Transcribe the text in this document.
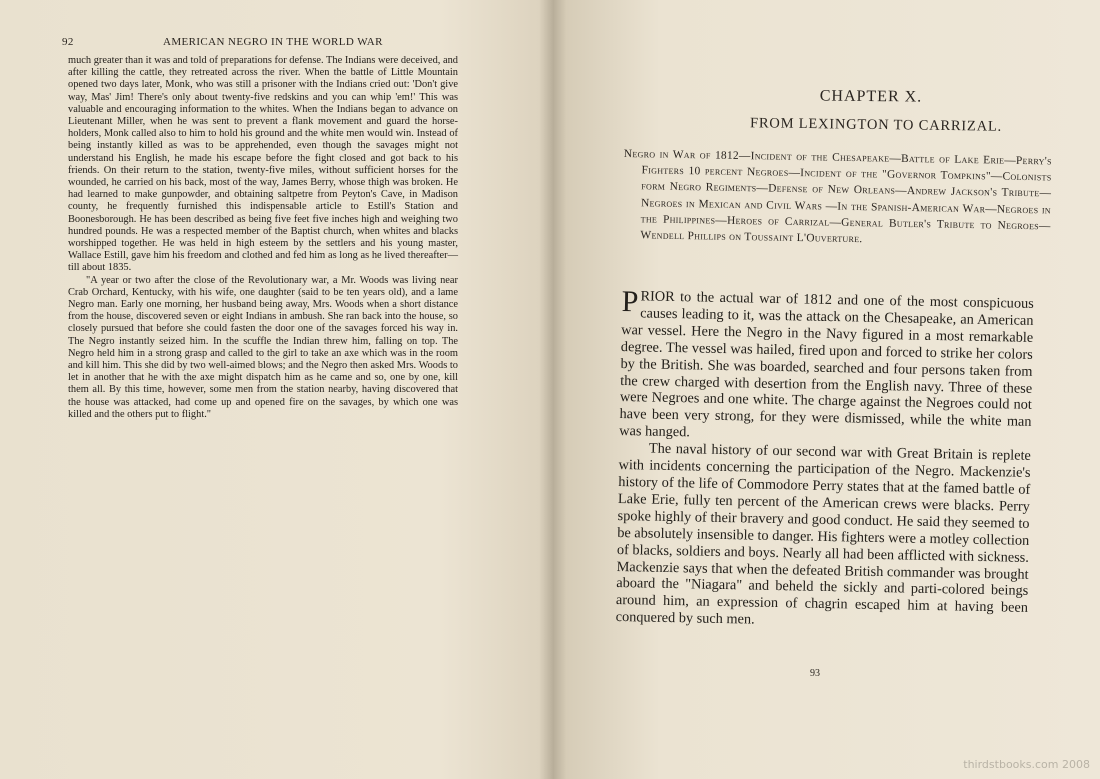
92	AMERICAN NEGRO IN THE WORLD WAR

much greater than it was and told of preparations for defense. The Indians were deceived, and after killing the cattle, they retreated across the river. When the battle of Little Mountain opened two days later, Monk, who was still a prisoner with the Indians cried out: 'Don't give way, Mas' Jim! There's only about twenty-five redskins and you can whip 'em!' This was valuable and encouraging information to the whites. When the Indians began to advance on Lieutenant Miller, when he was sent to prevent a flank movement and guard the horse-holders, Monk called also to him to hold his ground and the white men would win. Instead of being instantly killed as was to be apprehended, even though the savages might not understand his English, he made his escape before the fight closed and got back to his friends. On their return to the station, twenty-five miles, without sufficient horses for the wounded, he carried on his back, most of the way, James Berry, whose thigh was broken. He had learned to make gunpowder, and obtaining saltpetre from Peyton's Cave, in Madison county, he frequently furnished this indispensable article to Estill's Station and Boonesborough. He has been described as being five feet five inches high and weighing two hundred pounds. He was a respected member of the Baptist church, when whites and blacks worshipped together. He was held in high esteem by the settlers and his young master, Wallace Estill, gave him his freedom and clothed and fed him as long as he lived thereafter—till about 1835.

"A year or two after the close of the Revolutionary war, a Mr. Woods was living near Crab Orchard, Kentucky, with his wife, one daughter (said to be ten years old), and a lame Negro man. Early one morning, her husband being away, Mrs. Woods when a short distance from the house, discovered seven or eight Indians in ambush. She ran back into the house, so closely pursued that before she could fasten the door one of the savages forced his way in. The Negro instantly seized him. In the scuffle the Indian threw him, falling on top. The Negro held him in a strong grasp and called to the girl to take an axe which was in the room and kill him. This she did by two well-aimed blows; and the Negro then asked Mrs. Woods to let in another that he with the axe might dispatch him as he came and so, one by one, kill them all. By this time, however, some men from the station nearby, having discovered that the house was attacked, had come up and opened fire on the savages, by which one was killed and the others put to flight."

CHAPTER X.
FROM LEXINGTON TO CARRIZAL.
Negro in War of 1812—Incident of the Chesapeake—Battle of Lake Erie—Perry's Fighters 10 percent Negroes—Incident of the "Governor Tompkins"—Colonists form Negro Regiments—Defense of New Orleans—Andrew Jackson's Tribute—Negroes in Mexican and Civil Wars —In the Spanish-American War—Negroes in the Philippines—Heroes of Carrizal—General Butler's Tribute to Negroes—Wendell Phillips on Toussaint L'Ouverture.

PRIOR to the actual war of 1812 and one of the most conspicuous causes leading to it, was the attack on the Chesapeake, an American war vessel. Here the Negro in the Navy figured in a most remarkable degree. The vessel was hailed, fired upon and forced to strike her colors by the British. She was boarded, searched and four persons taken from the crew charged with desertion from the English navy. Three of these were Negroes and one white. The charge against the Negroes could not have been very strong, for they were dismissed, while the white man was hanged.

The naval history of our second war with Great Britain is replete with incidents concerning the participation of the Negro. Mackenzie's history of the life of Commodore Perry states that at the famed battle of Lake Erie, fully ten percent of the American crews were blacks. Perry spoke highly of their bravery and good conduct. He said they seemed to be absolutely insensible to danger. His fighters were a motley collection of blacks, soldiers and boys. Nearly all had been afflicted with sickness. Mackenzie says that when the defeated British commander was brought aboard the "Niagara" and beheld the sickly and parti-colored beings around him, an expression of chagrin escaped him at having been conquered by such men.

93
thirdstbooks.com 2008
